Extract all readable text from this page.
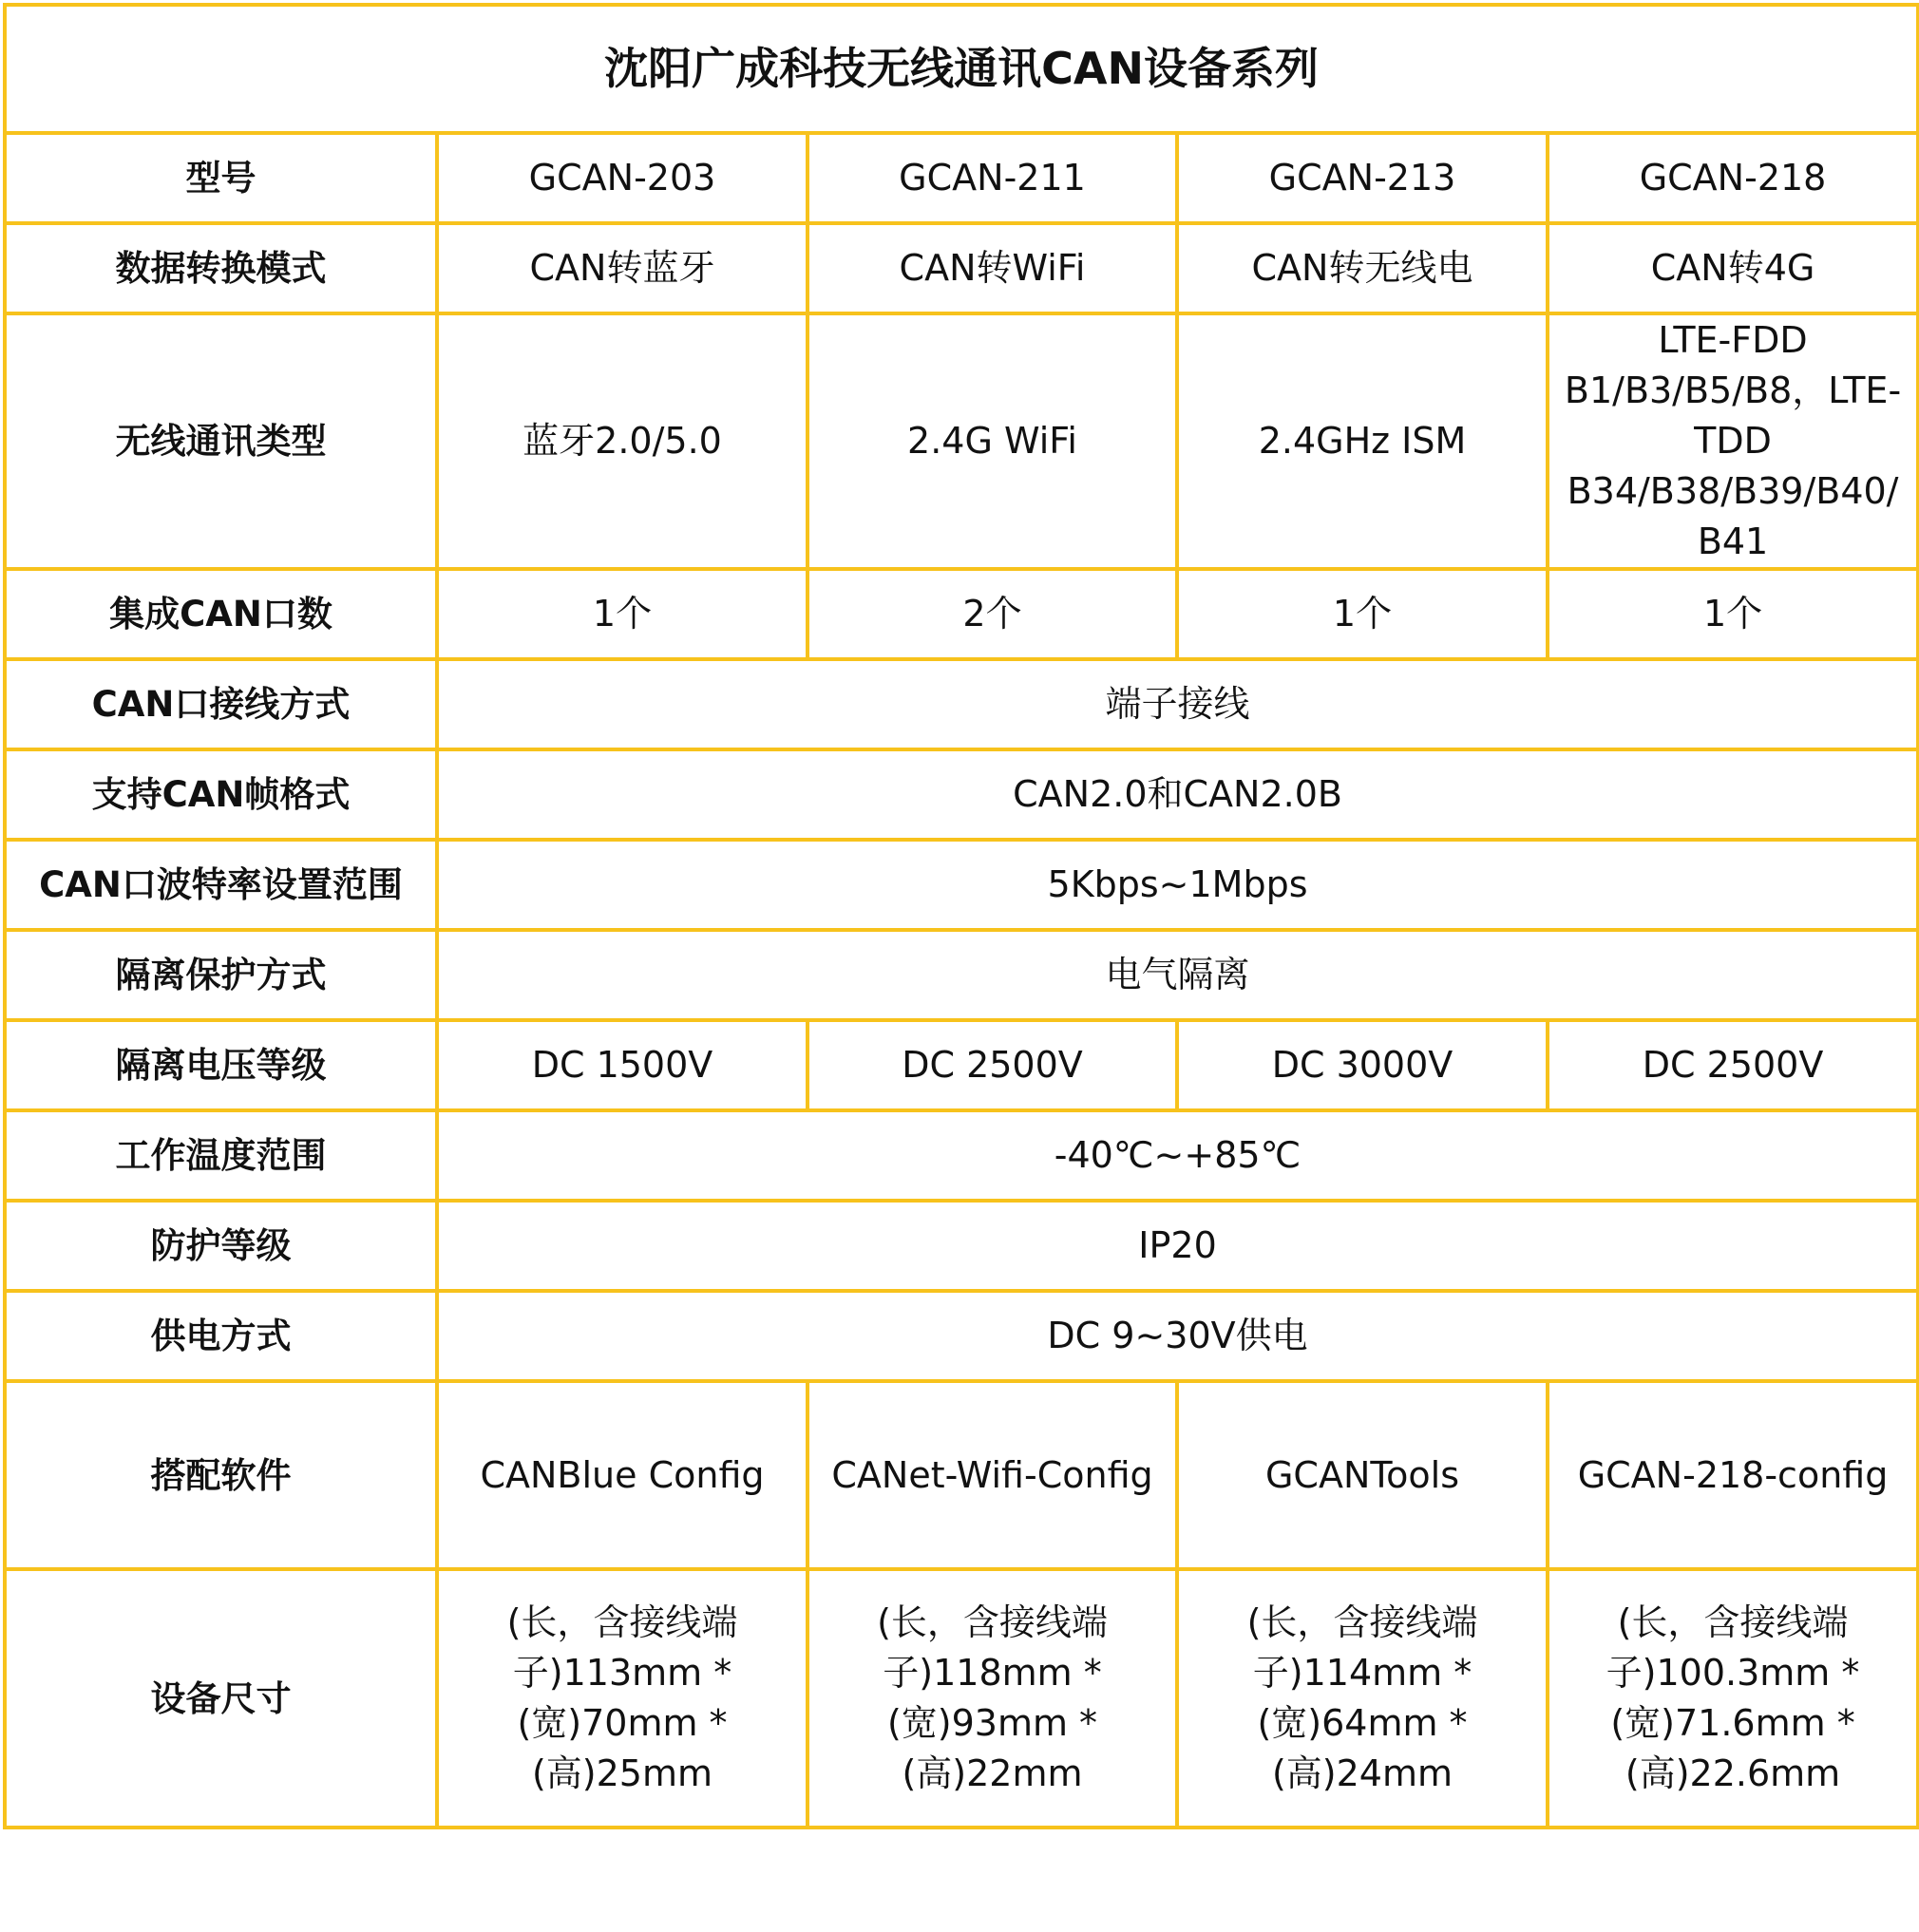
沈阳广成科技无线通讯CAN设备系列				
型号	GCAN-203	GCAN-211	GCAN-213	GCAN-218
数据转换模式	CAN转蓝牙	CAN转WiFi	CAN转无线电	CAN转4G
无线通讯类型	蓝牙2.0/5.0	2.4G WiFi	2.4GHz ISM	LTE-FDD B1/B3/B5/B8，LTE-TDD B34/B38/B39/B40/B41
集成CAN口数	1个	2个	1个	1个
CAN口接线方式	端子接线			
支持CAN帧格式	CAN2.0和CAN2.0B			
CAN口波特率设置范围	5Kbps~1Mbps			
隔离保护方式	电气隔离			
隔离电压等级	DC 1500V	DC 2500V	DC 3000V	DC 2500V
工作温度范围	-40℃~+85℃			
防护等级	IP20			
供电方式	DC 9~30V供电			
搭配软件	CANBlue Config	CANet-Wifi-Config	GCANTools	GCAN-218-config
设备尺寸	(长，含接线端子)113mm * (宽)70mm * (高)25mm	(长，含接线端子)118mm * (宽)93mm * (高)22mm	(长，含接线端子)114mm * (宽)64mm * (高)24mm	(长，含接线端子)100.3mm * (宽)71.6mm * (高)22.6mm
